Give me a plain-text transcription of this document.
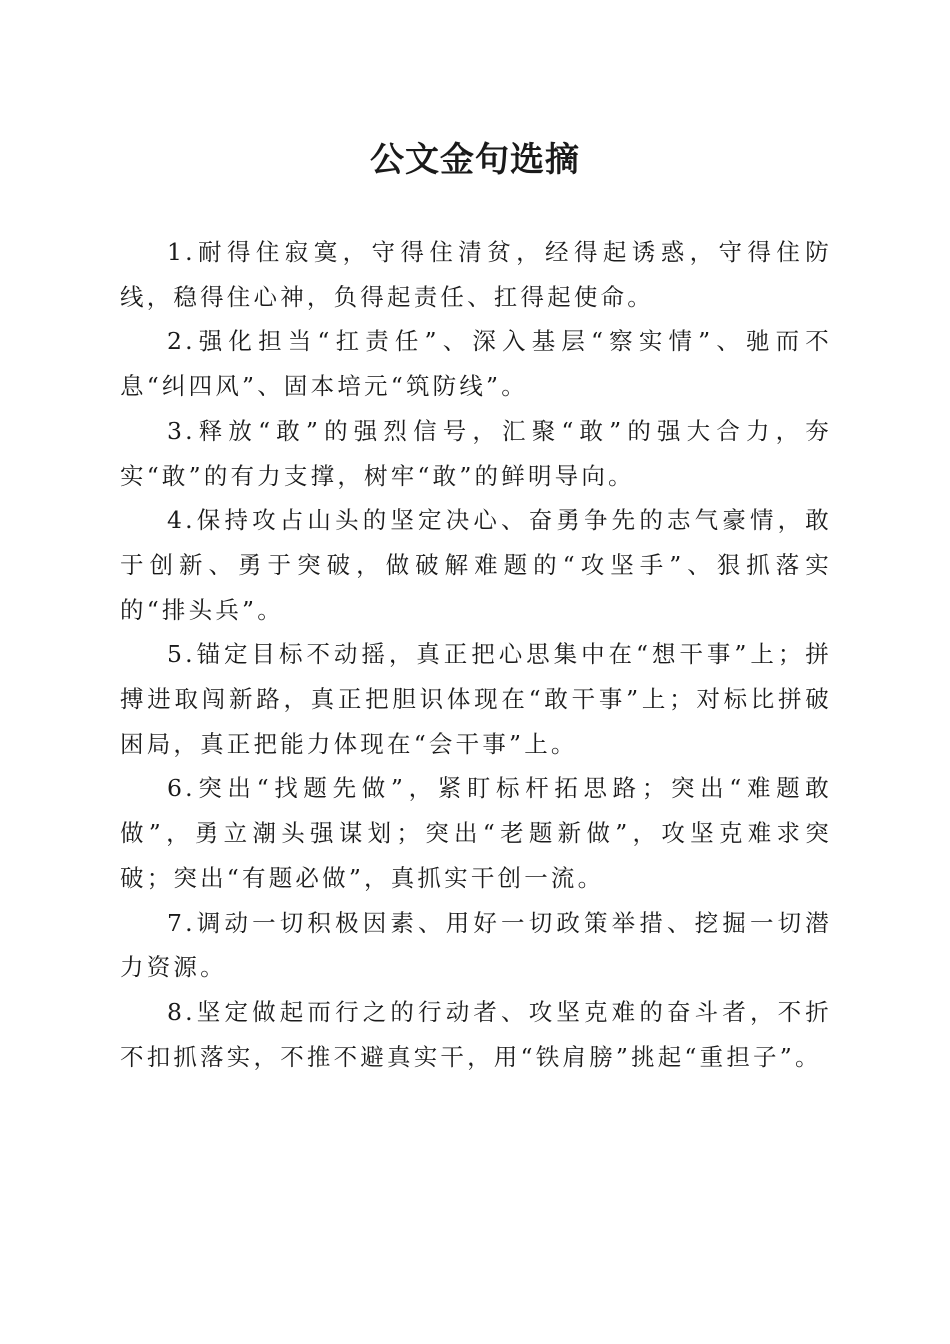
公文金句选摘

1.耐得住寂寞，守得住清贫，经得起诱惑，守得住防线，稳得住心神，负得起责任、扛得起使命。

2.强化担当“扛责任”、深入基层“察实情”、驰而不息“纠四风”、固本培元“筑防线”。

3.释放“敢”的强烈信号，汇聚“敢”的强大合力，夯实“敢”的有力支撑，树牢“敢”的鲜明导向。

4.保持攻占山头的坚定决心、奋勇争先的志气豪情，敢于创新、勇于突破，做破解难题的“攻坚手”、狠抓落实的“排头兵”。

5.锚定目标不动摇，真正把心思集中在“想干事”上；拼搏进取闯新路，真正把胆识体现在“敢干事”上；对标比拼破困局，真正把能力体现在“会干事”上。

6.突出“找题先做”，紧盯标杆拓思路；突出“难题敢做”，勇立潮头强谋划；突出“老题新做”，攻坚克难求突破；突出“有题必做”，真抓实干创一流。

7.调动一切积极因素、用好一切政策举措、挖掘一切潜力资源。

8.坚定做起而行之的行动者、攻坚克难的奋斗者，不折不扣抓落实，不推不避真实干，用“铁肩膀”挑起“重担子”。
